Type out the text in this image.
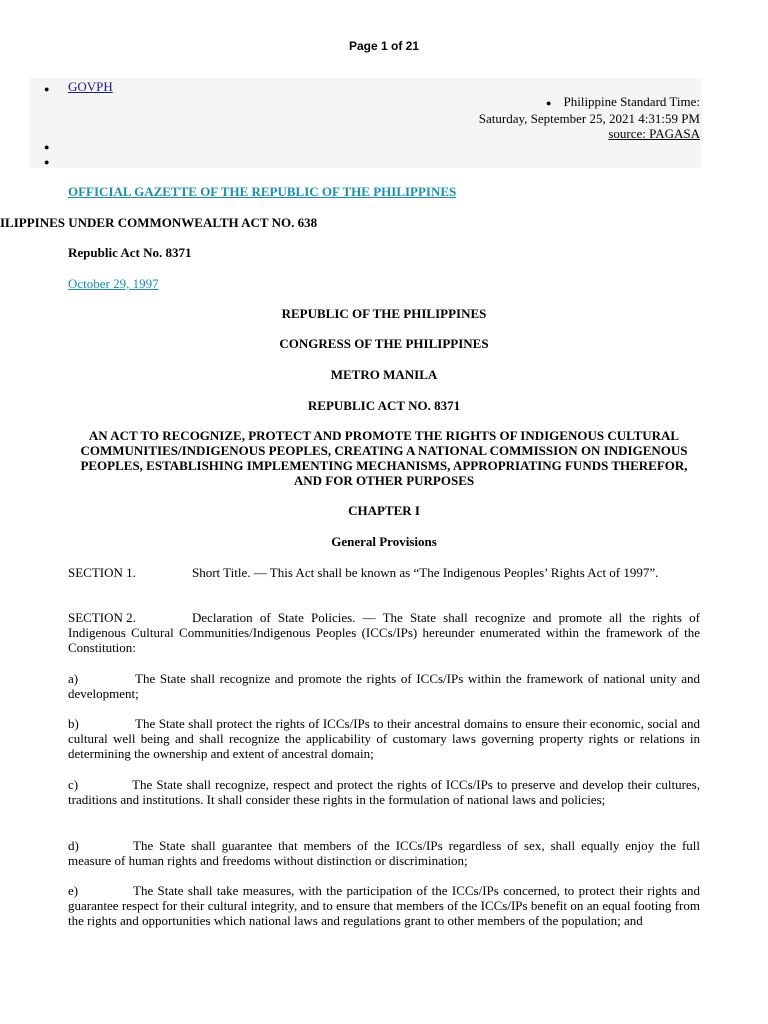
Page 1 of 21
● GOVPH
● Philippine Standard Time:
Saturday, September 25, 2021 4:31:59 PM
source: PAGASA
●
●
OFFICIAL GAZETTE OF THE REPUBLIC OF THE PHILIPPINES
ILIPPINES UNDER COMMONWEALTH ACT NO. 638
Republic Act No. 8371
October 29, 1997
REPUBLIC OF THE PHILIPPINES
CONGRESS OF THE PHILIPPINES
METRO MANILA
REPUBLIC ACT NO. 8371
AN ACT TO RECOGNIZE, PROTECT AND PROMOTE THE RIGHTS OF INDIGENOUS CULTURAL COMMUNITIES/INDIGENOUS PEOPLES, CREATING A NATIONAL COMMISSION ON INDIGENOUS PEOPLES, ESTABLISHING IMPLEMENTING MECHANISMS, APPROPRIATING FUNDS THEREFOR, AND FOR OTHER PURPOSES
CHAPTER I
General Provisions
SECTION 1.	Short Title. — This Act shall be known as “The Indigenous Peoples’ Rights Act of 1997”.
SECTION 2.	Declaration of State Policies. — The State shall recognize and promote all the rights of Indigenous Cultural Communities/Indigenous Peoples (ICCs/IPs) hereunder enumerated within the framework of the Constitution:
a)	The State shall recognize and promote the rights of ICCs/IPs within the framework of national unity and development;
b)	The State shall protect the rights of ICCs/IPs to their ancestral domains to ensure their economic, social and cultural well being and shall recognize the applicability of customary laws governing property rights or relations in determining the ownership and extent of ancestral domain;
c)	The State shall recognize, respect and protect the rights of ICCs/IPs to preserve and develop their cultures, traditions and institutions. It shall consider these rights in the formulation of national laws and policies;
d)	The State shall guarantee that members of the ICCs/IPs regardless of sex, shall equally enjoy the full measure of human rights and freedoms without distinction or discrimination;
e)	The State shall take measures, with the participation of the ICCs/IPs concerned, to protect their rights and guarantee respect for their cultural integrity, and to ensure that members of the ICCs/IPs benefit on an equal footing from the rights and opportunities which national laws and regulations grant to other members of the population; and
